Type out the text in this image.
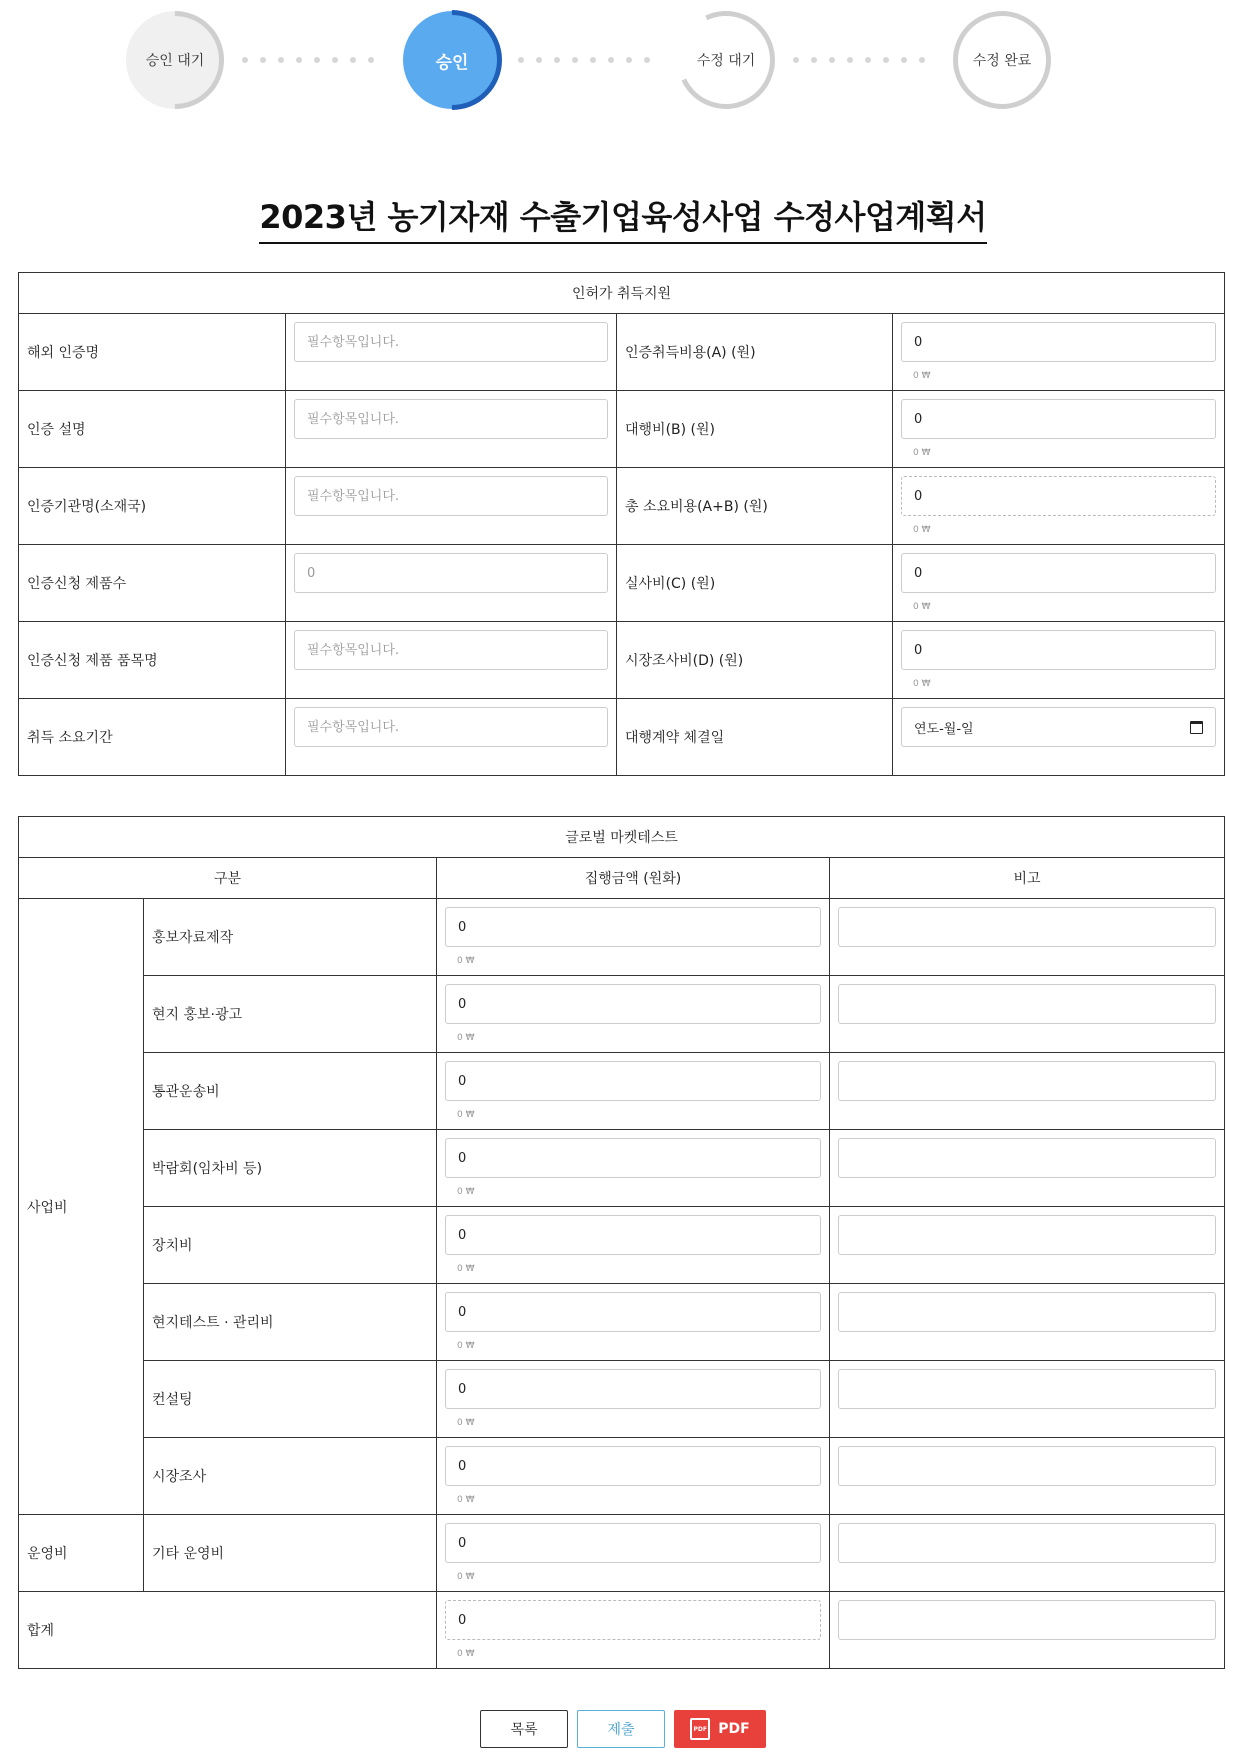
승인 대기	승인	수정 대기	수정 완료
2023년 농기자재 수출기업육성사업 수정사업계획서
인허가 취득지원			
해외 인증명	필수항목입니다.	인증취득비용(A) (원)	0
0 ₩

인증 설명	필수항목입니다.	대행비(B) (원)	0
0 ₩

인증기관명(소재국)	필수항목입니다.	총 소요비용(A+B) (원)	0
0 ₩

인증신청 제품수	0	실사비(C) (원)	0
0 ₩

인증신청 제품 품목명	필수항목입니다.	시장조사비(D) (원)	0
0 ₩

취득 소요기간	필수항목입니다.	대행계약 체결일	연도-월-일
글로벌 마켓테스트			
구분		집행금액 (원화)	비고
사업비	홍보자료제작	0
0 ₩

	현지 홍보·광고	0
0 ₩

	통관운송비	0
0 ₩

	박람회(임차비 등)	0
0 ₩

	장치비	0
0 ₩

	현지테스트 · 관리비	0
0 ₩

	컨설팅	0
0 ₩

	시장조사	0
0 ₩

운영비	기타 운영비	0
0 ₩

합계	0
0 ₩

목록	제출	PDF PDF
